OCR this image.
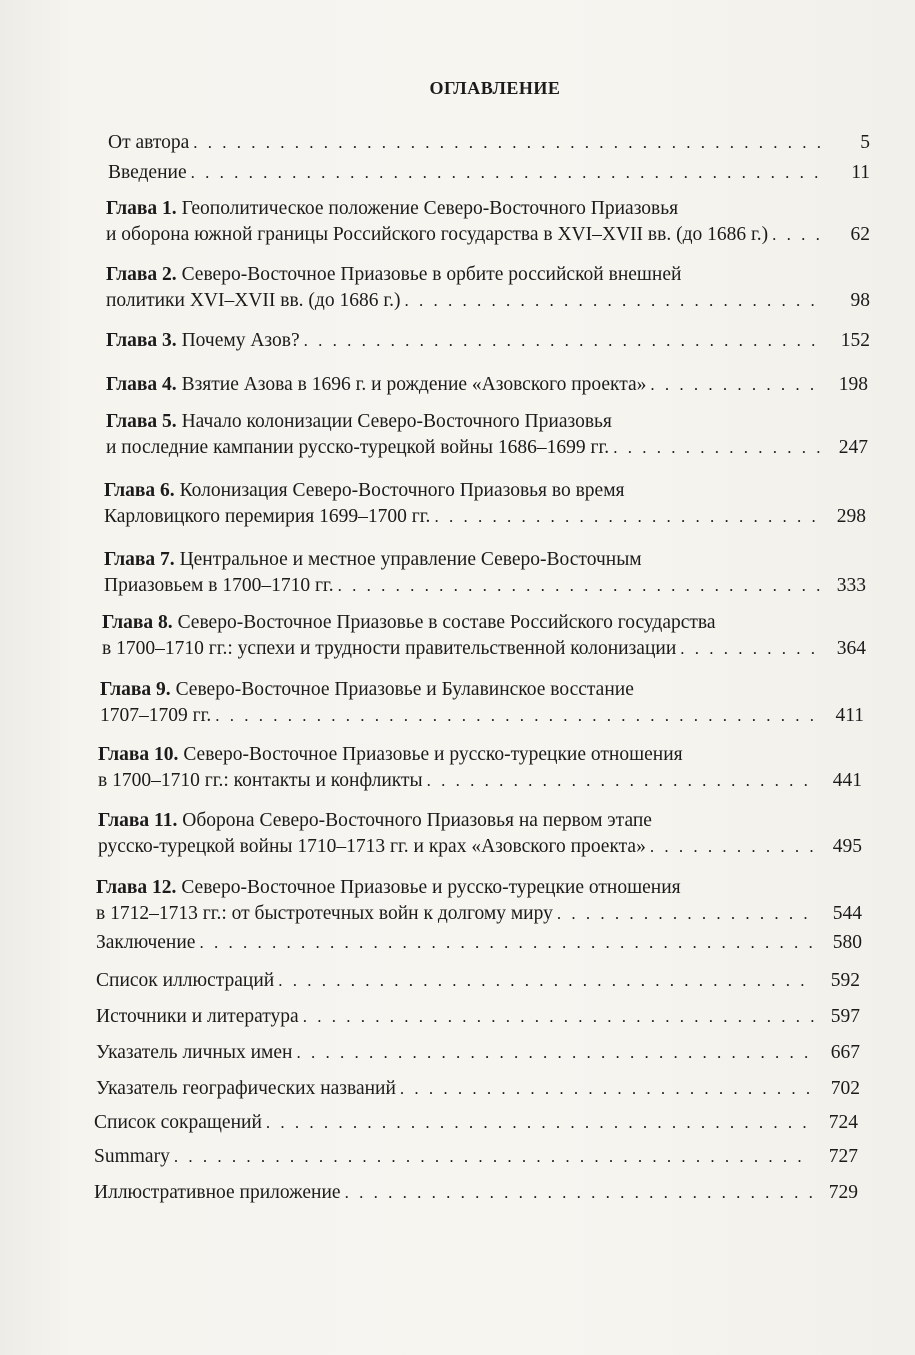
ОГЛАВЛЕНИЕ
От автора . . .	5
Введение . . .	11
Глава 1. Геополитическое положение Северо-Восточного Приазовья
и оборона южной границы Российского государства в XVI–XVII вв. (до 1686 г.) . . .	62
Глава 2. Северо-Восточное Приазовье в орбите российской внешней
политики XVI–XVII вв. (до 1686 г.) . . .	98
Глава 3. Почему Азов? . . .	152
Глава 4. Взятие Азова в 1696 г. и рождение «Азовского проекта» . . .	198
Глава 5. Начало колонизации Северо-Восточного Приазовья
и последние кампании русско-турецкой войны 1686–1699 гг. . . .	247
Глава 6. Колонизация Северо-Восточного Приазовья во время
Карловицкого перемирия 1699–1700 гг. . . .	298
Глава 7. Центральное и местное управление Северо-Восточным
Приазовьем в 1700–1710 гг. . . .	333
Глава 8. Северо-Восточное Приазовье в составе Российского государства
в 1700–1710 гг.: успехи и трудности правительственной колонизации . . .	364
Глава 9. Северо-Восточное Приазовье и Булавинское восстание
1707–1709 гг. . . .	411
Глава 10. Северо-Восточное Приазовье и русско-турецкие отношения
в 1700–1710 гг.: контакты и конфликты . . .	441
Глава 11. Оборона Северо-Восточного Приазовья на первом этапе
русско-турецкой войны 1710–1713 гг. и крах «Азовского проекта» . . .	495
Глава 12. Северо-Восточное Приазовье и русско-турецкие отношения
в 1712–1713 гг.: от быстротечных войн к долгому миру . . .	544
Заключение . . .	580
Список иллюстраций . . .	592
Источники и литература . . .	597
Указатель личных имен . . .	667
Указатель географических названий . . .	702
Список сокращений . . .	724
Summary . . .	727
Иллюстративное приложение . . .	729
